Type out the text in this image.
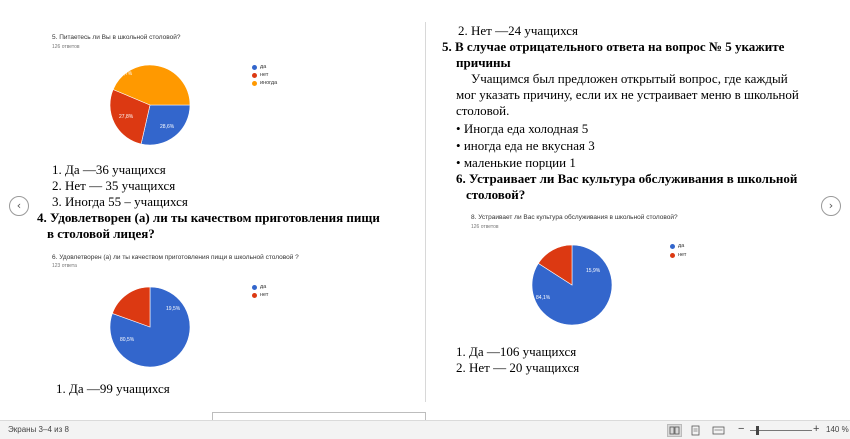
‹	›
5. Питаетесь ли Вы в школьной столовой?
126 ответов
43,7%
27,8%
28,6%
да
нет
иногда
1. Да —36 учащихся
2. Нет — 35 учащихся
3. Иногда 55 – учащихся
4. Удовлетворен (а) ли ты качеством приготовления пищи
в столовой лицея?
6. Удовлетворен (а) ли ты качеством приготовления пищи в школьной столовой ?
123 ответа
80,5%
19,5%
да
нет
1. Да —99 учащихся
2. Нет —24 учащихся
5. В случае отрицательного ответа на вопрос № 5 укажите
причины
Учащимся был предложен открытый вопрос, где каждый
мог указать причину, если их не устраивает меню в школьной
столовой.
• Иногда еда холодная 5
• иногда еда не вкусная 3
• маленькие порции 1
6. Устраивает ли Вас культура обслуживания в школьной
столовой?
8. Устраивает ли Вас культура обслуживания в школьной столовой?
126 ответов
84,1%
15,9%
да
нет
1. Да —106 учащихся
2. Нет — 20 учащихся
Экраны 3–4 из 8	−	+ 140 %
